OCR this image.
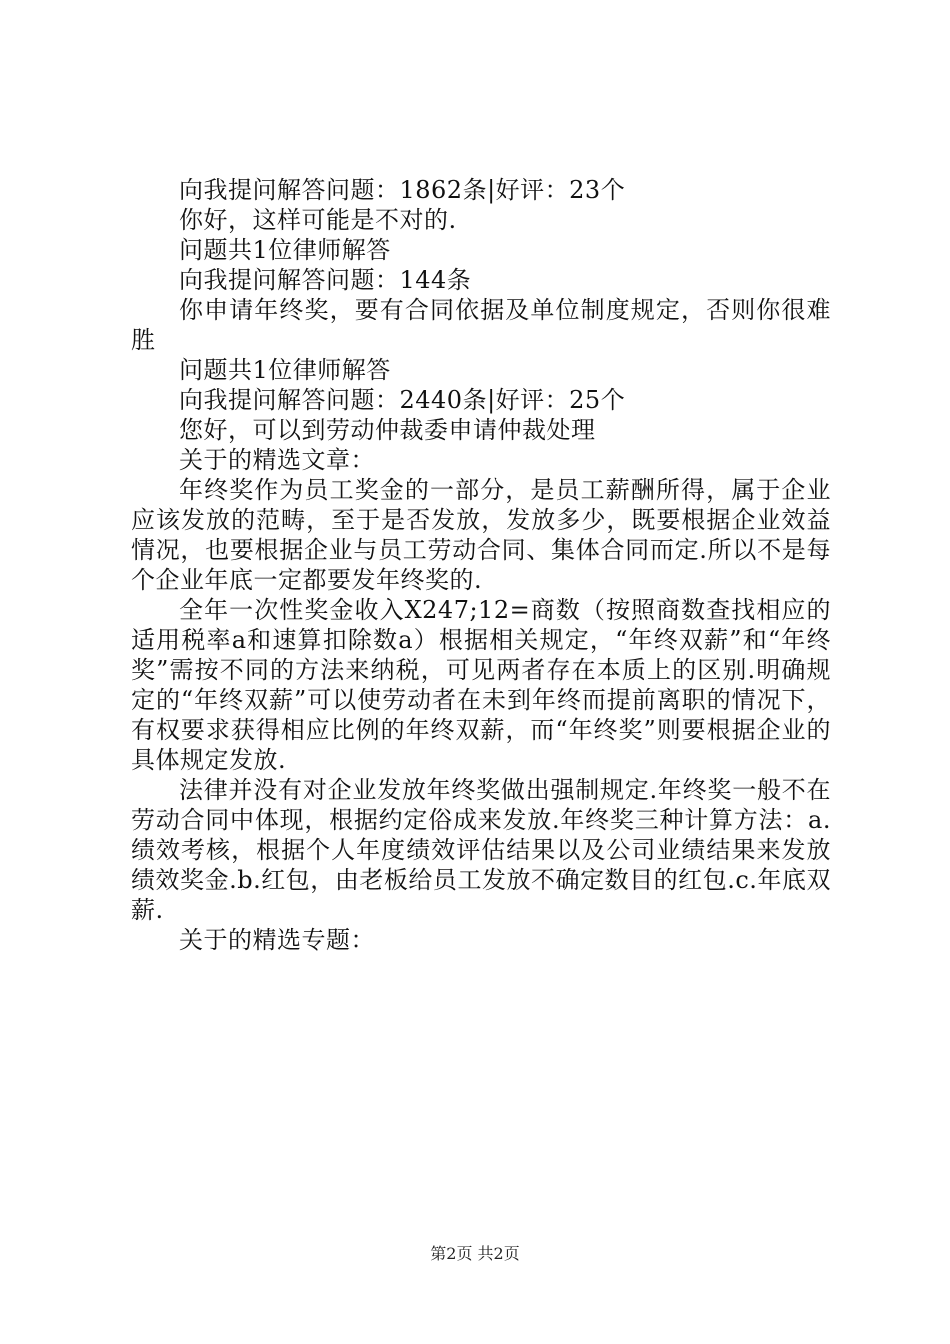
向我提问解答问题：1862条|好评：23个

你好，这样可能是不对的.

问题共1位律师解答

向我提问解答问题：144条

你申请年终奖，要有合同依据及单位制度规定，否则你很难胜

问题共1位律师解答

向我提问解答问题：2440条|好评：25个

您好，可以到劳动仲裁委申请仲裁处理

关于的精选文章：

年终奖作为员工奖金的一部分，是员工薪酬所得，属于企业应该发放的范畴，至于是否发放，发放多少，既要根据企业效益情况，也要根据企业与员工劳动合同、集体合同而定.所以不是每个企业年底一定都要发年终奖的.

全年一次性奖金收入X247;12=商数（按照商数查找相应的适用税率a和速算扣除数a）根据相关规定，“年终双薪”和“年终奖”需按不同的方法来纳税，可见两者存在本质上的区别.明确规定的“年终双薪”可以使劳动者在未到年终而提前离职的情况下，有权要求获得相应比例的年终双薪，而“年终奖”则要根据企业的具体规定发放.

法律并没有对企业发放年终奖做出强制规定.年终奖一般不在劳动合同中体现，根据约定俗成来发放.年终奖三种计算方法：a.绩效考核，根据个人年度绩效评估结果以及公司业绩结果来发放绩效奖金.b.红包，由老板给员工发放不确定数目的红包.c.年底双薪.

关于的精选专题：

第2页 共2页
